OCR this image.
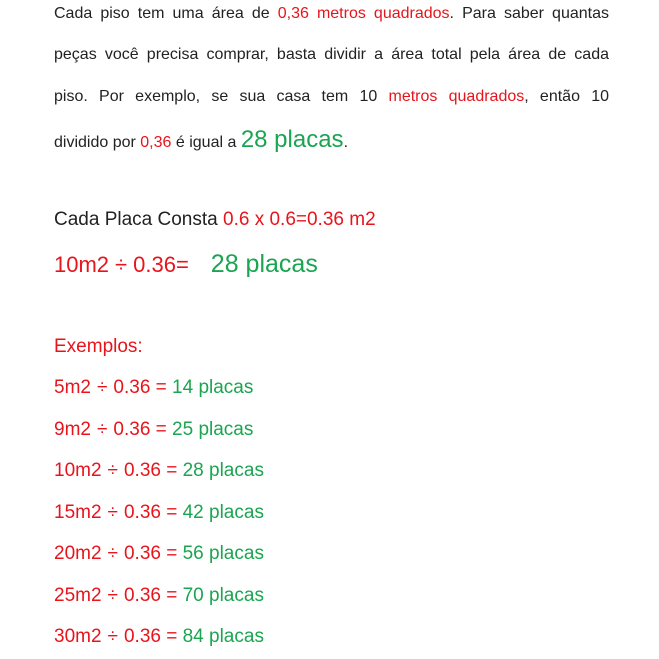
Cada piso tem uma área de 0,36 metros quadrados. Para saber quantas
peças você precisa comprar, basta dividir a área total pela área de cada
piso. Por exemplo, se sua casa tem 10 metros quadrados, então 10
dividido por 0,36 é igual a 28 placas.
Cada Placa Consta 0.6 x 0.6=0.36 m2
10m2 ÷ 0.36= 28 placas
Exemplos:
5m2 ÷ 0.36 = 14 placas
9m2 ÷ 0.36 = 25 placas
10m2 ÷ 0.36 = 28 placas
15m2 ÷ 0.36 = 42 placas
20m2 ÷ 0.36 = 56 placas
25m2 ÷ 0.36 = 70 placas
30m2 ÷ 0.36 = 84 placas
